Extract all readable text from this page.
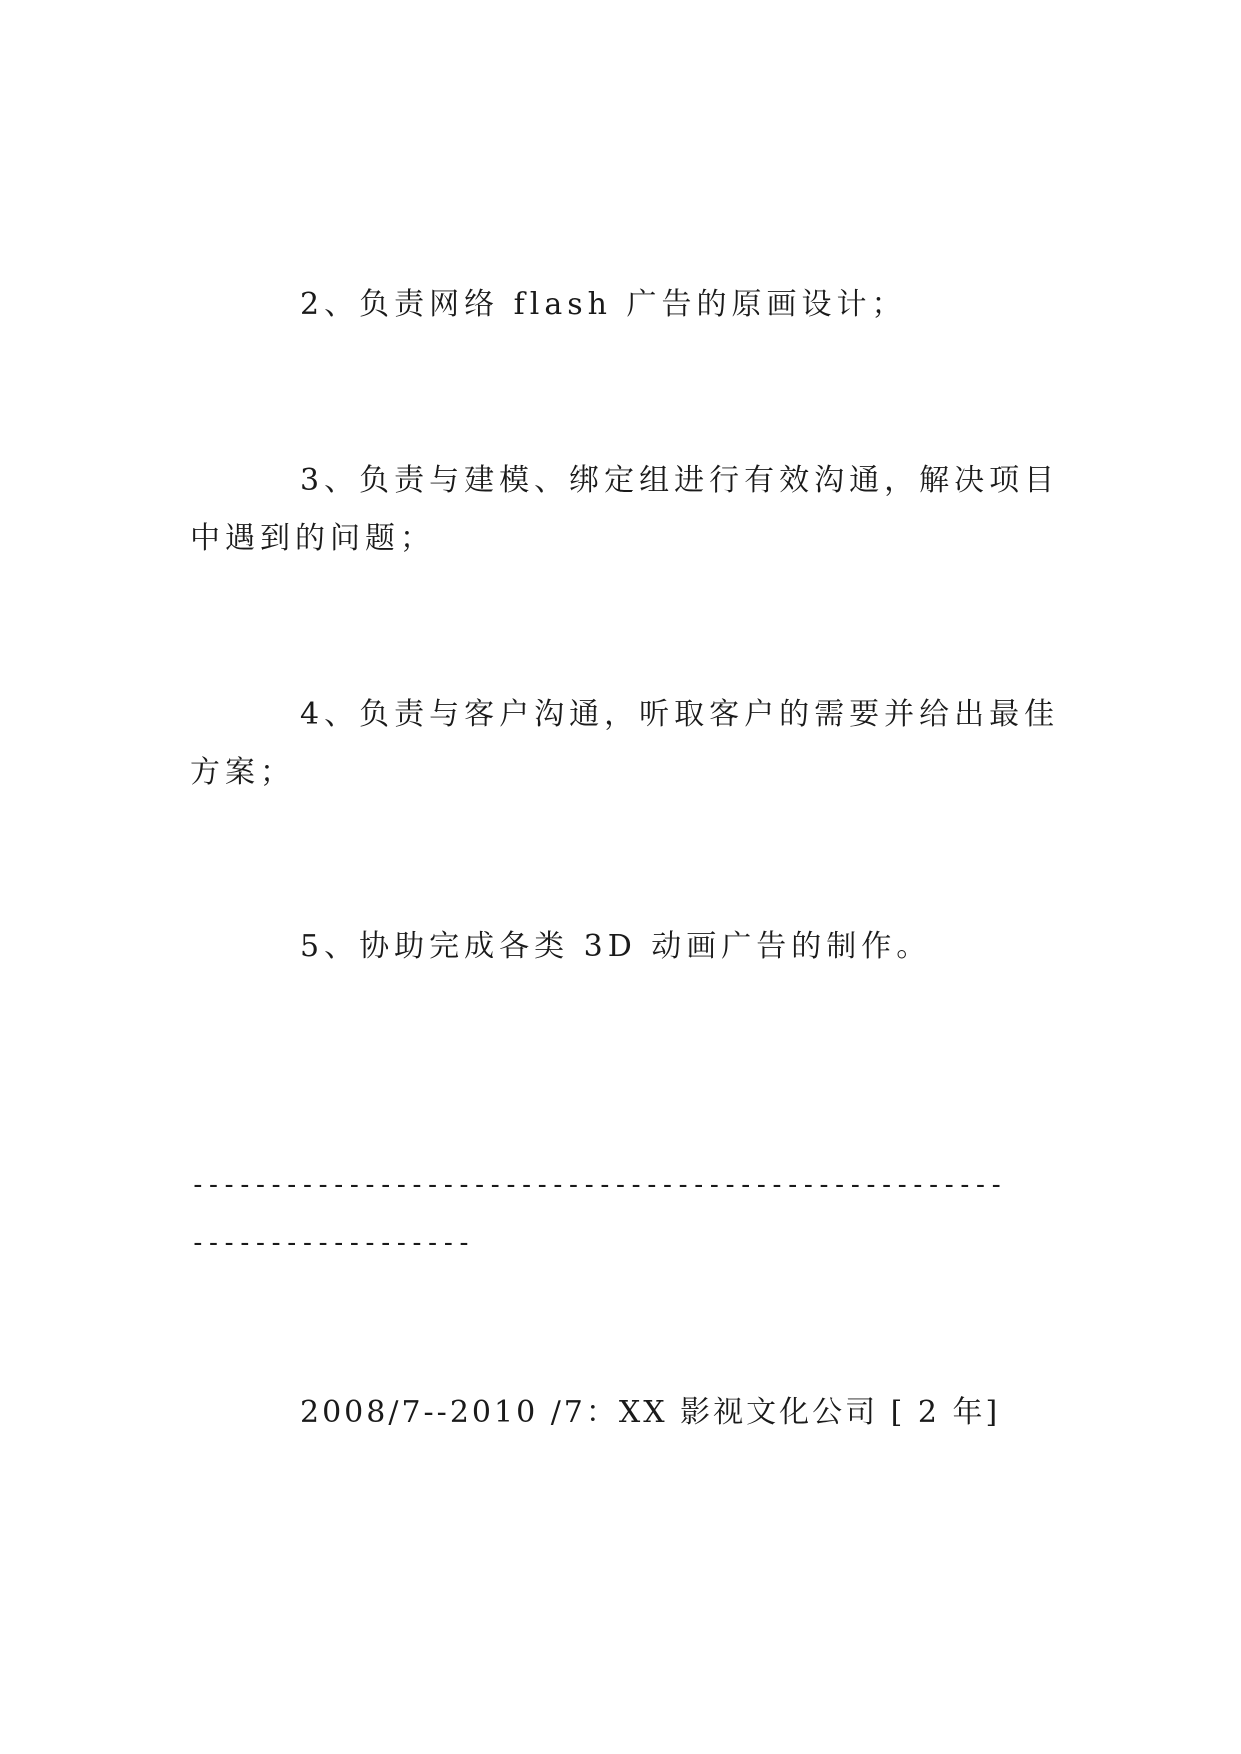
2、负责网络 flash 广告的原画设计；

3、负责与建模、绑定组进行有效沟通，解决项目中遇到的问题；

4、负责与客户沟通，听取客户的需要并给出最佳方案；

5、协助完成各类 3D 动画广告的制作。

----------------------------------------------------

------------------

2008/7--2010 /7：XX 影视文化公司 [ 2 年]
